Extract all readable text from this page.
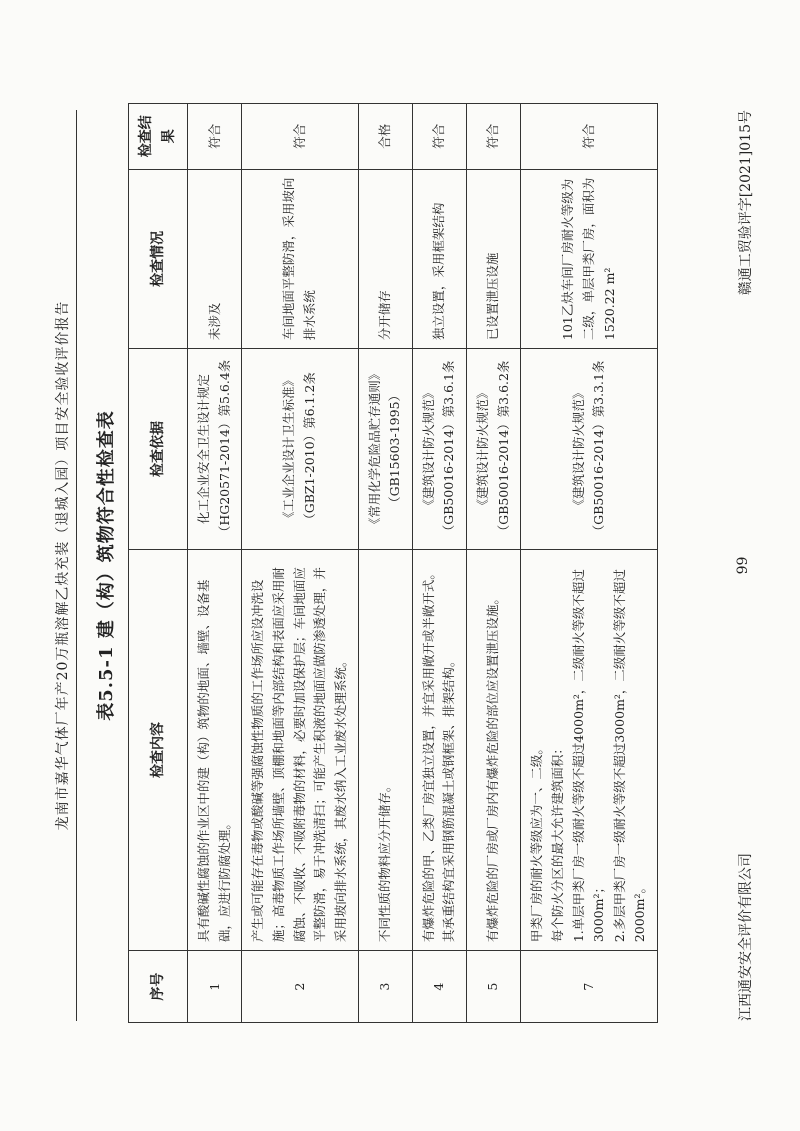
龙南市嘉华气体厂年产20万瓶溶解乙炔充装（退城入园）项目安全验收评价报告	表5.5-1 建（构）筑物符合性检查表
序号	检查内容	检查依据	检查情况	检查结果
1	具有酸碱性腐蚀的作业区中的建（构）筑物的地面、墙壁、设备基础，应进行防腐处理。	化工企业安全卫生设计规定（HG20571-2014）第5.6.4条	未涉及	符合
2	产生或可能存在毒物或酸碱等强腐蚀性物质的工作场所应设冲洗设施；高毒物质工作场所墙壁、顶棚和地面等内部结构和表面应采用耐腐蚀、不吸收、不吸附毒物的材料，必要时加设保护层；车间地面应平整防滑，易于冲洗清扫；可能产生积液的地面应做防渗透处理，并采用坡向排水系统，其废水纳入工业废水处理系统。	《工业企业设计卫生标准》（GBZ1-2010）第6.1.2条	车间地面平整防滑，采用坡向排水系统	符合
3	不同性质的物料应分开储存。	《常用化学危险品贮存通则》（GB15603-1995）	分开储存	合格
4	有爆炸危险的甲、乙类厂房宜独立设置，并宜采用敞开或半敞开式。其承重结构宜采用钢筋混凝土或钢框架、排架结构。	《建筑设计防火规范》（GB50016-2014）第3.6.1条	独立设置，采用框架结构	符合
5	有爆炸危险的厂房或厂房内有爆炸危险的部位应设置泄压设施。	《建筑设计防火规范》（GB50016-2014）第3.6.2条	已设置泄压设施	符合
7	甲类厂房的耐火等级应为一、二级。 每个防火分区的最大允许建筑面积： 1.单层甲类厂房一级耐火等级不超过4000m²，二级耐火等级不超过3000m²； 2.多层甲类厂房一级耐火等级不超过3000m²，二级耐火等级不超过2000m²。	《建筑设计防火规范》（GB50016-2014）第3.3.1条	101乙炔车间厂房耐火等级为二级，单层甲类厂房，面积为1520.22 m²	符合
江西通安安全评价有限公司
99
赣通工贸验评字[2021]015号
